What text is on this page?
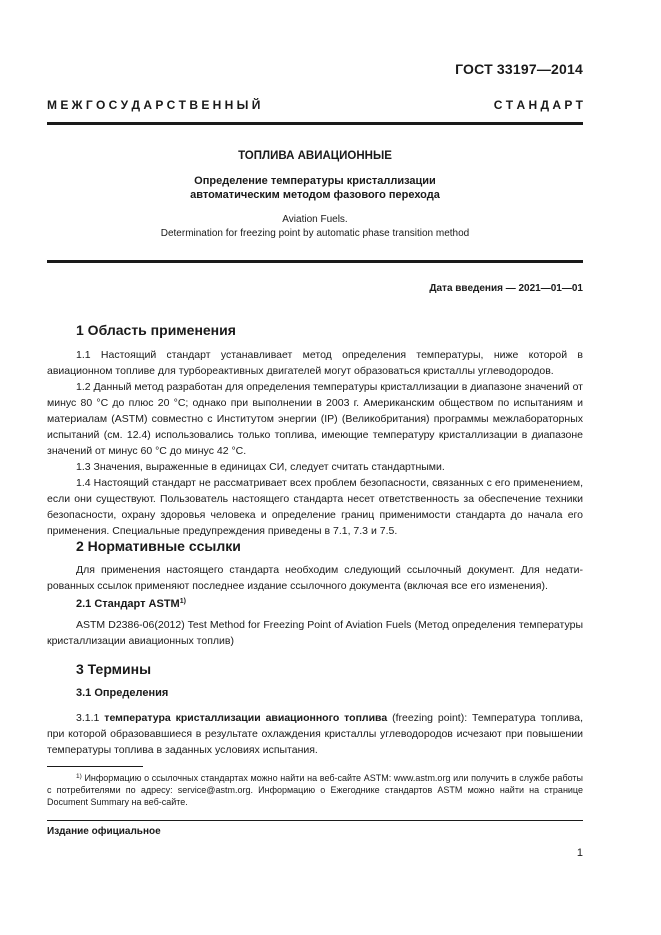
ГОСТ 33197—2014
М Е Ж Г О С У Д А Р С Т В Е Н Н Ы Й	С Т А Н Д А Р Т
ТОПЛИВА АВИАЦИОННЫЕ
Определение температуры кристаллизации
автоматическим методом фазового перехода
Aviation Fuels.
Determination for freezing point by automatic phase transition method
Дата введения — 2021—01—01
1 Область применения

1.1 Настоящий стандарт устанавливает метод определения температуры, ниже которой в авиационном топливе для турбореактивных двигателей могут образоваться кристаллы углеводородов.

1.2 Данный метод разработан для определения температуры кристаллизации в диапазоне значений от минус 80 °С до плюс 20 °С; однако при выполнении в 2003 г. Американским обществом по испытаниям и материалам (ASTM) совместно с Институтом энергии (IP) (Великобритания) программы межлабораторных испытаний (см. 12.4) использовались только топлива, имеющие температуру кристаллизации в диапазоне значений от минус 60 °С до минус 42 °С.

1.3 Значения, выраженные в единицах СИ, следует считать стандартными.

1.4 Настоящий стандарт не рассматривает всех проблем безопасности, связанных с его применением, если они существуют. Пользователь настоящего стандарта несет ответственность за обеспечение техники безопасности, охрану здоровья человека и определение границ применимости стандарта до начала его применения. Специальные предупреждения приведены в 7.1, 7.3 и 7.5.

2 Нормативные ссылки

Для применения настоящего стандарта необходим следующий ссылочный документ. Для недатированных ссылок применяют последнее издание ссылочного документа (включая все его изменения).

2.1 Стандарт ASTM$^{1)}$

ASTM D2386-06(2012) Test Method for Freezing Point of Aviation Fuels (Метод определения температуры кристаллизации авиационных топлив)

3 Термины
3.1 Определения

3.1.1 температура кристаллизации авиационного топлива (freezing point): Температура топлива, при которой образовавшиеся в результате охлаждения кристаллы углеводородов исчезают при повышении температуры топлива в заданных условиях испытания.

$^{1)}$ Информацию о ссылочных стандартах можно найти на веб-сайте ASTM: www.astm.org или получить в службе работы с потребителями по адресу: service@astm.org. Информацию о Ежегоднике стандартов ASTM можно найти на странице Document Summary на веб-сайте.
Издание официальное
1
